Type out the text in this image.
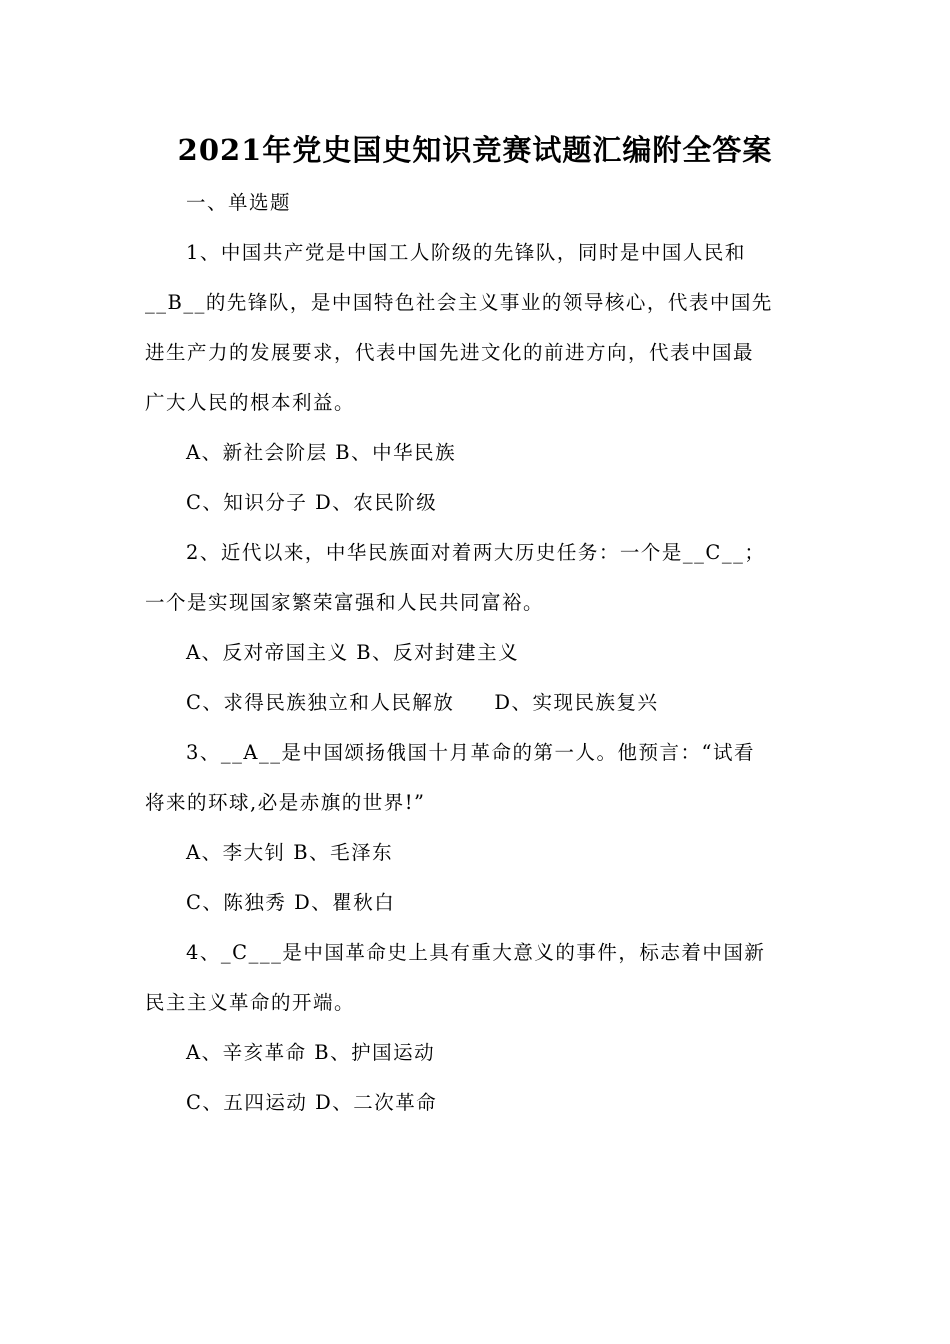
2021年党史国史知识竞赛试题汇编附全答案
一、单选题
1、中国共产党是中国工人阶级的先锋队，同时是中国人民和
__B__的先锋队，是中国特色社会主义事业的领导核心，代表中国先
进生产力的发展要求，代表中国先进文化的前进方向，代表中国最
广大人民的根本利益。
A、新社会阶层 B、中华民族
C、知识分子 D、农民阶级
2、近代以来，中华民族面对着两大历史任务：一个是__C__；
一个是实现国家繁荣富强和人民共同富裕。
A、反对帝国主义 B、反对封建主义
C、求得民族独立和人民解放 D、实现民族复兴
3、__A__是中国颂扬俄国十月革命的第一人。他预言：“试看
将来的环球,必是赤旗的世界!”
A、李大钊 B、毛泽东
C、陈独秀 D、瞿秋白
4、_C___是中国革命史上具有重大意义的事件，标志着中国新
民主主义革命的开端。
A、辛亥革命 B、护国运动
C、五四运动 D、二次革命
